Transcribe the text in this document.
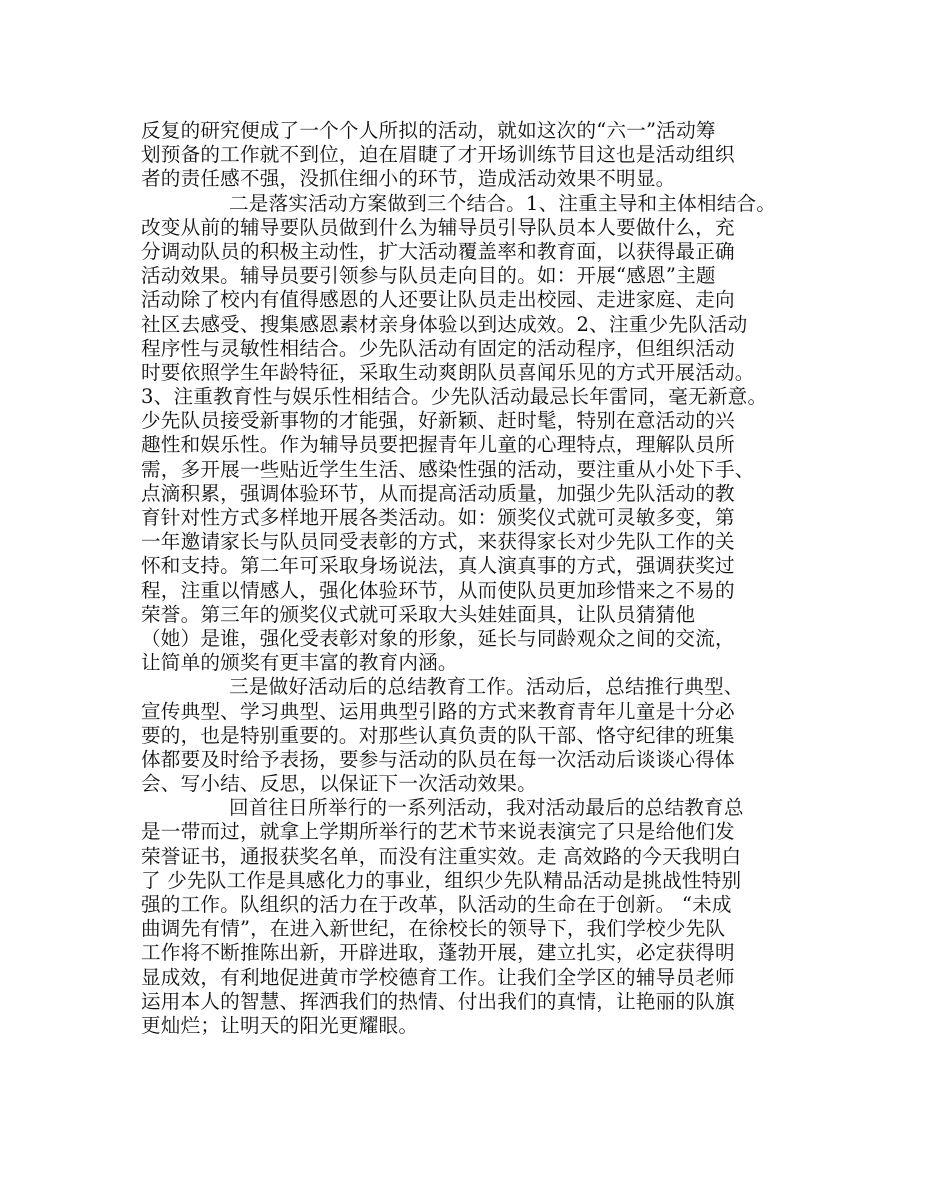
反复的研究便成了一个个人所拟的活动，就如这次的“六一”活动筹
划预备的工作就不到位，迫在眉睫了才开场训练节目这也是活动组织
者的责任感不强，没抓住细小的环节，造成活动效果不明显。
二是落实活动方案做到三个结合。1、注重主导和主体相结合。
改变从前的辅导要队员做到什么为辅导员引导队员本人要做什么，充
分调动队员的积极主动性，扩大活动覆盖率和教育面，以获得最正确
活动效果。辅导员要引领参与队员走向目的。如：开展“感恩”主题
活动除了校内有值得感恩的人还要让队员走出校园、走进家庭、走向
社区去感受、搜集感恩素材亲身体验以到达成效。2、注重少先队活动
程序性与灵敏性相结合。少先队活动有固定的活动程序，但组织活动
时要依照学生年龄特征，采取生动爽朗队员喜闻乐见的方式开展活动。
3、注重教育性与娱乐性相结合。少先队活动最忌长年雷同，毫无新意。
少先队员接受新事物的才能强，好新颖、赶时髦，特别在意活动的兴
趣性和娱乐性。作为辅导员要把握青年儿童的心理特点，理解队员所
需，多开展一些贴近学生生活、感染性强的活动，要注重从小处下手、
点滴积累，强调体验环节，从而提高活动质量，加强少先队活动的教
育针对性方式多样地开展各类活动。如：颁奖仪式就可灵敏多变，第
一年邀请家长与队员同受表彰的方式，来获得家长对少先队工作的关
怀和支持。第二年可采取身场说法，真人演真事的方式，强调获奖过
程，注重以情感人，强化体验环节，从而使队员更加珍惜来之不易的
荣誉。第三年的颁奖仪式就可采取大头娃娃面具，让队员猜猜他
（她）是谁，强化受表彰对象的形象，延长与同龄观众之间的交流，
让简单的颁奖有更丰富的教育内涵。
三是做好活动后的总结教育工作。活动后，总结推行典型、
宣传典型、学习典型、运用典型引路的方式来教育青年儿童是十分必
要的，也是特别重要的。对那些认真负责的队干部、恪守纪律的班集
体都要及时给予表扬，要参与活动的队员在每一次活动后谈谈心得体
会、写小结、反思，以保证下一次活动效果。
回首往日所举行的一系列活动，我对活动最后的总结教育总
是一带而过，就拿上学期所举行的艺术节来说表演完了只是给他们发
荣誉证书，通报获奖名单，而没有注重实效。走 高效路的今天我明白
了 少先队工作是具感化力的事业，组织少先队精品活动是挑战性特别
强的工作。队组织的活力在于改革，队活动的生命在于创新。 “未成
曲调先有情”，在进入新世纪，在徐校长的领导下，我们学校少先队
工作将不断推陈出新，开辟进取，蓬勃开展，建立扎实，必定获得明
显成效，有利地促进黄市学校德育工作。让我们全学区的辅导员老师
运用本人的智慧、挥洒我们的热情、付出我们的真情，让艳丽的队旗
更灿烂；让明天的阳光更耀眼。
